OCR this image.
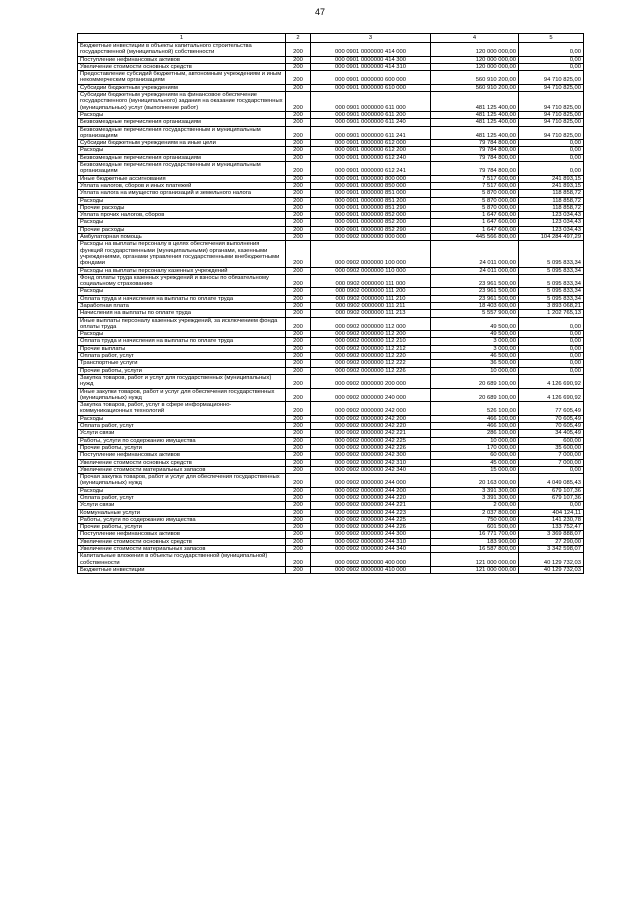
47
1	2	3	4	5
Бюджетные инвестиции в объекты капитального строительства государственной (муниципальной) собственности	200	000 0901 0000000 414 000	120 000 000,00	0,00
Поступление нефинансовых активов	200	000 0901 0000000 414 300	120 000 000,00	0,00
Увеличение стоимости основных средств	200	000 0901 0000000 414 310	120 000 000,00	0,00
Предоставление субсидий бюджетным, автономным учреждениям и иным некоммерческим организациям	200	000 0901 0000000 600 000	560 910 200,00	94 710 825,00
Субсидии бюджетным учреждениям	200	000 0901 0000000 610 000	560 910 200,00	94 710 825,00
Субсидии бюджетным учреждениям на финансовое обеспечение государственного (муниципального) задания на оказание государственных (муниципальных) услуг (выполнение работ)	200	000 0901 0000000 611 000	481 125 400,00	94 710 825,00
Расходы	200	000 0901 0000000 611 200	481 125 400,00	94 710 825,00
Безвозмездные перечисления организациям	200	000 0901 0000000 611 240	481 125 400,00	94 710 825,00
Безвозмездные перечисления государственным и муниципальным организациям	200	000 0901 0000000 611 241	481 125 400,00	94 710 825,00
Субсидии бюджетным учреждениям на иные цели	200	000 0901 0000000 612 000	79 784 800,00	0,00
Расходы	200	000 0901 0000000 612 200	79 784 800,00	0,00
Безвозмездные перечисления организациям	200	000 0901 0000000 612 240	79 784 800,00	0,00
Безвозмездные перечисления государственным и муниципальным организациям	200	000 0901 0000000 612 241	79 784 800,00	0,00
Иные бюджетные ассигнования	200	000 0901 0000000 800 000	7 517 600,00	241 893,15
Уплата налогов, сборов и иных платежей	200	000 0901 0000000 850 000	7 517 600,00	241 893,15
Уплата налога на имущество организаций и земельного налога	200	000 0901 0000000 851 000	5 870 000,00	118 858,72
Расходы	200	000 0901 0000000 851 200	5 870 000,00	118 858,72
Прочие расходы	200	000 0901 0000000 851 290	5 870 000,00	118 858,72
Уплата прочих налогов, сборов	200	000 0901 0000000 852 000	1 647 600,00	123 034,43
Расходы	200	000 0901 0000000 852 200	1 647 600,00	123 034,43
Прочие расходы	200	000 0901 0000000 852 290	1 647 600,00	123 034,43
Амбулаторная помощь	200	000 0902 0000000 000 000	445 566 800,00	104 284 497,29
Расходы на выплаты персоналу в целях обеспечения выполнения функций государственными (муниципальными) органами, казенными учреждениями, органами управления государственными внебюджетными фондами	200	000 0902 0000000 100 000	24 011 000,00	5 095 833,34
Расходы на выплаты персоналу казенных учреждений	200	000 0902 0000000 110 000	24 011 000,00	5 095 833,34
Фонд оплаты труда казенных учреждений и взносы по обязательному социальному страхованию	200	000 0902 0000000 111 000	23 961 500,00	5 095 833,34
Расходы	200	000 0902 0000000 111 200	23 961 500,00	5 095 833,34
Оплата труда и начисления на выплаты по оплате труда	200	000 0902 0000000 111 210	23 961 500,00	5 095 833,34
Заработная плата	200	000 0902 0000000 111 211	18 403 600,00	3 893 068,21
Начисления на выплаты по оплате труда	200	000 0902 0000000 111 213	5 557 900,00	1 202 765,13
Иные выплаты персоналу казенных учреждений, за исключением фонда оплаты труда	200	000 0902 0000000 112 000	49 500,00	0,00
Расходы	200	000 0902 0000000 112 200	49 500,00	0,00
Оплата труда и начисления на выплаты по оплате труда	200	000 0902 0000000 112 210	3 000,00	0,00
Прочие выплаты	200	000 0902 0000000 112 212	3 000,00	0,00
Оплата работ, услуг	200	000 0902 0000000 112 220	46 500,00	0,00
Транспортные услуги	200	000 0902 0000000 112 222	36 500,00	0,00
Прочие работы, услуги	200	000 0902 0000000 112 226	10 000,00	0,00
Закупка товаров, работ и услуг для государственных (муниципальных) нужд	200	000 0902 0000000 200 000	20 689 100,00	4 126 690,92
Иные закупки товаров, работ и услуг для обеспечения государственных (муниципальных) нужд	200	000 0902 0000000 240 000	20 689 100,00	4 126 690,92
Закупка товаров, работ, услуг в сфере информационно-коммуникационных технологий	200	000 0902 0000000 242 000	526 100,00	77 605,49
Расходы	200	000 0902 0000000 242 200	466 100,00	70 605,49
Оплата работ, услуг	200	000 0902 0000000 242 220	466 100,00	70 605,49
Услуги связи	200	000 0902 0000000 242 221	286 100,00	34 405,49
Работы, услуги по содержанию имущества	200	000 0902 0000000 242 225	10 000,00	600,00
Прочие работы, услуги	200	000 0902 0000000 242 226	170 000,00	35 600,00
Поступление нефинансовых активов	200	000 0902 0000000 242 300	60 000,00	7 000,00
Увеличение стоимости основных средств	200	000 0902 0000000 242 310	45 000,00	7 000,00
Увеличение стоимости материальных запасов	200	000 0902 0000000 242 340	15 000,00	0,00
Прочая закупка товаров, работ и услуг для обеспечения государственных (муниципальных) нужд	200	000 0902 0000000 244 000	20 163 000,00	4 049 085,43
Расходы	200	000 0902 0000000 244 200	3 391 300,00	679 107,36
Оплата работ, услуг	200	000 0902 0000000 244 220	3 391 300,00	679 107,36
Услуги связи	200	000 0902 0000000 244 221	2 000,00	0,00
Коммунальные услуги	200	000 0902 0000000 244 223	2 037 800,00	404 124,11
Работы, услуги по содержанию имущества	200	000 0902 0000000 244 225	750 000,00	141 230,78
Прочие работы, услуги	200	000 0902 0000000 244 226	601 500,00	133 752,47
Поступление нефинансовых активов	200	000 0902 0000000 244 300	16 771 700,00	3 369 888,07
Увеличение стоимости основных средств	200	000 0902 0000000 244 310	183 900,00	27 290,00
Увеличение стоимости материальных запасов	200	000 0902 0000000 244 340	16 587 800,00	3 342 598,07
Капитальные вложения в объекты государственной (муниципальной) собственности	200	000 0902 0000000 400 000	121 000 000,00	40 129 732,03
Бюджетные инвестиции	200	000 0902 0000000 410 000	121 000 000,00	40 129 732,03
